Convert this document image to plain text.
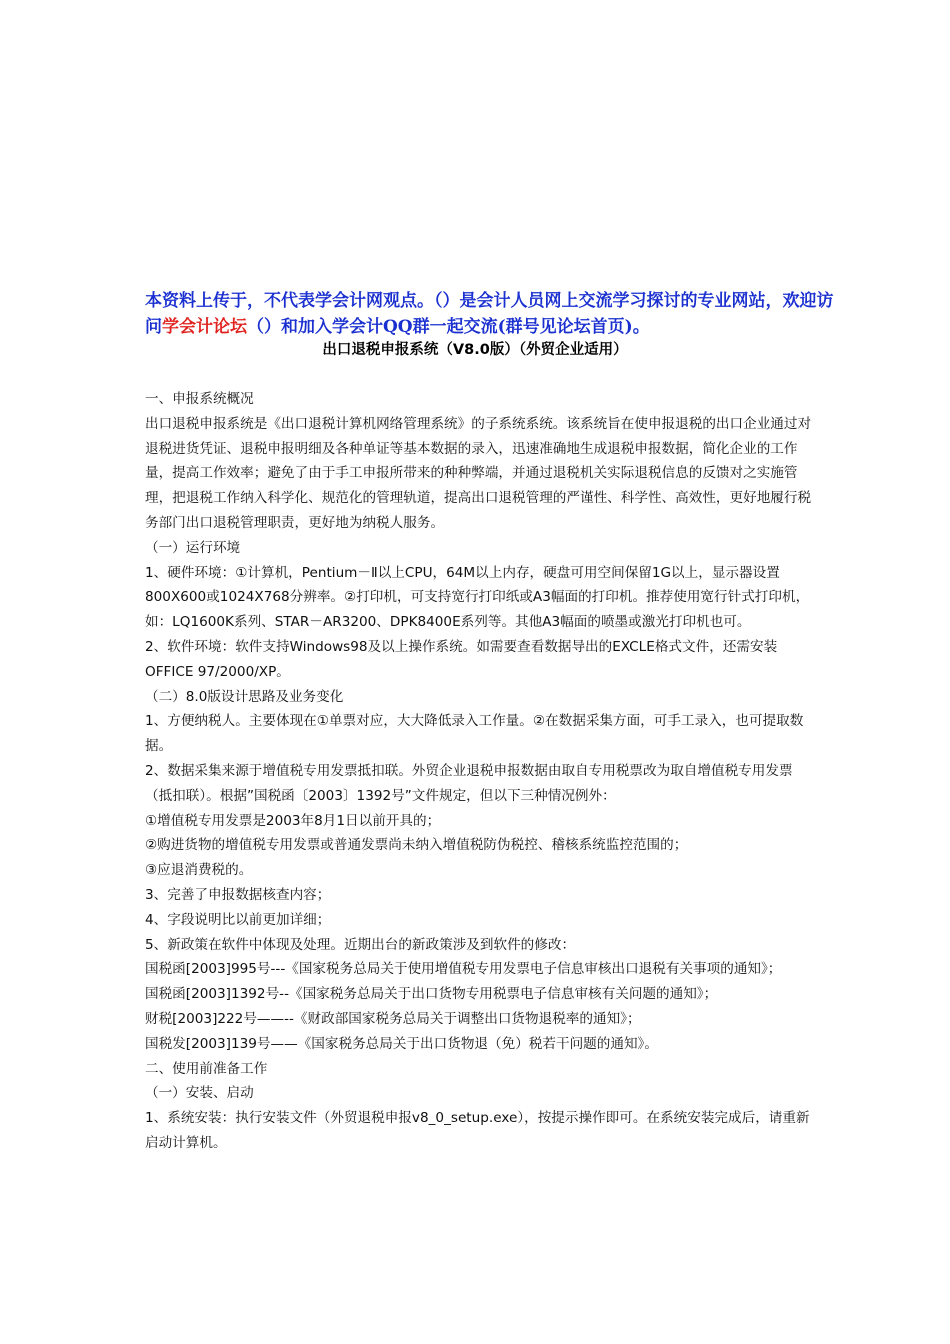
本资料上传于，不代表学会计网观点。（）是会计人员网上交流学习探讨的专业网站，欢迎访问学会计论坛（）和加入学会计QQ群一起交流(群号见论坛首页)。
出口退税申报系统（V8.0版）（外贸企业适用）

一、申报系统概况

出口退税申报系统是《出口退税计算机网络管理系统》的子系统系统。该系统旨在使申报退税的出口企业通过对退税进货凭证、退税申报明细及各种单证等基本数据的录入，迅速准确地生成退税申报数据，简化企业的工作量，提高工作效率；避免了由于手工申报所带来的种种弊端，并通过退税机关实际退税信息的反馈对之实施管理，把退税工作纳入科学化、规范化的管理轨道，提高出口退税管理的严谨性、科学性、高效性，更好地履行税务部门出口退税管理职责，更好地为纳税人服务。

（一）运行环境

1、硬件环境：①计算机，Pentium－Ⅱ以上CPU，64M以上内存，硬盘可用空间保留1G以上，显示器设置800X600或1024X768分辨率。②打印机，可支持宽行打印纸或A3幅面的打印机。推荐使用宽行针式打印机，如：LQ1600K系列、STAR－AR3200、DPK8400E系列等。其他A3幅面的喷墨或激光打印机也可。

2、软件环境：软件支持Windows98及以上操作系统。如需要查看数据导出的EXCLE格式文件，还需安装OFFICE 97/2000/XP。

（二）8.0版设计思路及业务变化

1、方便纳税人。主要体现在①单票对应，大大降低录入工作量。②在数据采集方面，可手工录入，也可提取数据。

2、数据采集来源于增值税专用发票抵扣联。外贸企业退税申报数据由取自专用税票改为取自增值税专用发票（抵扣联）。根据”国税函〔2003〕1392号”文件规定，但以下三种情况例外：

①增值税专用发票是2003年8月1日以前开具的；

②购进货物的增值税专用发票或普通发票尚未纳入增值税防伪税控、稽核系统监控范围的；

③应退消费税的。

3、完善了申报数据核查内容；

4、字段说明比以前更加详细；

5、新政策在软件中体现及处理。近期出台的新政策涉及到软件的修改：

国税函[2003]995号---《国家税务总局关于使用增值税专用发票电子信息审核出口退税有关事项的通知》；

国税函[2003]1392号--《国家税务总局关于出口货物专用税票电子信息审核有关问题的通知》；

财税[2003]222号——--《财政部国家税务总局关于调整出口货物退税率的通知》；

国税发[2003]139号——《国家税务总局关于出口货物退（免）税若干问题的通知》。

二、使用前准备工作

（一）安装、启动

1、系统安装：执行安装文件（外贸退税申报v8_0_setup.exe），按提示操作即可。在系统安装完成后，请重新启动计算机。
